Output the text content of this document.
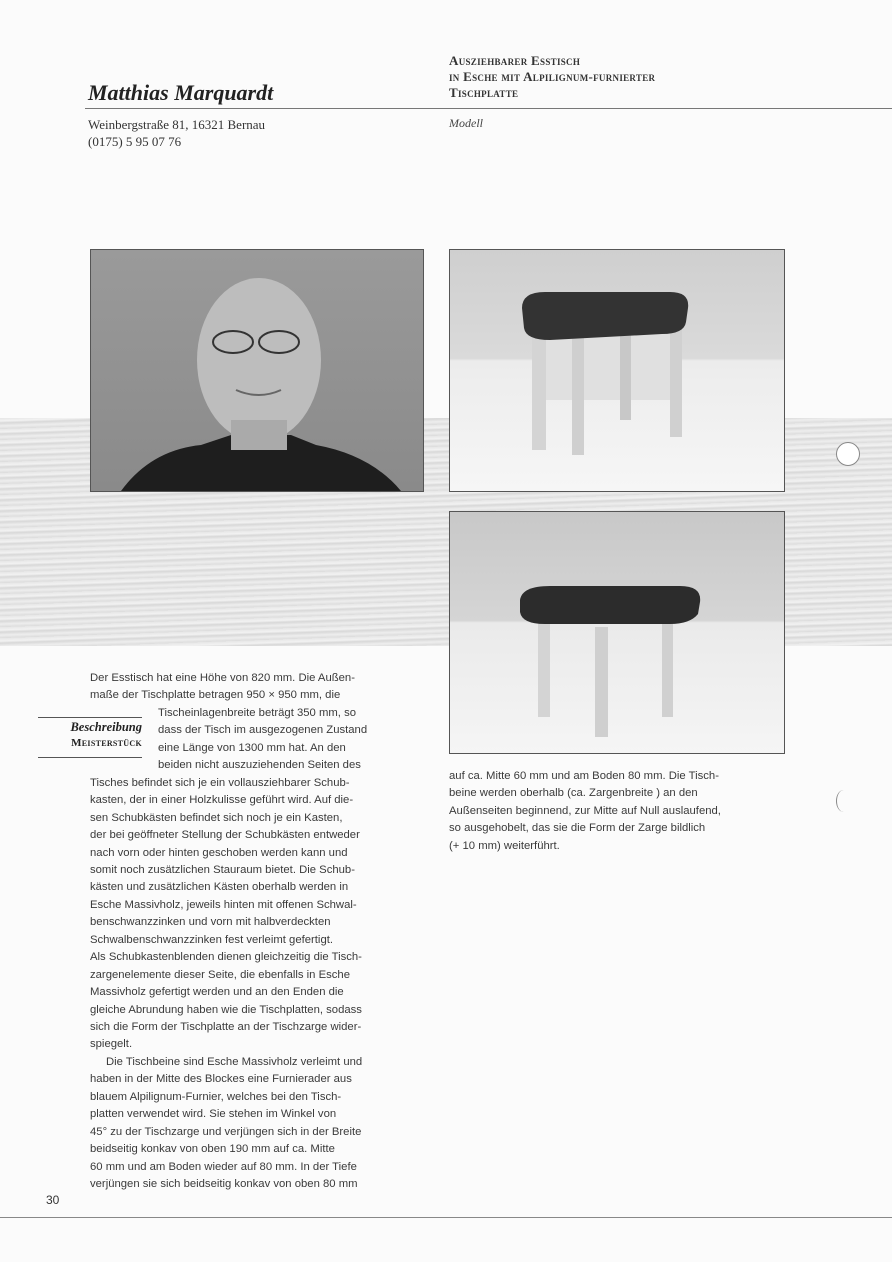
Matthias Marquardt
Ausziehbarer Esstisch
in Esche mit Alpilignum-furnierter
Tischplatte
Weinbergstraße 81, 16321 Bernau
(0175) 5 95 07 76
Modell
Beschreibung
Meisterstück
Der Esstisch hat eine Höhe von 820 mm. Die Außen-
maße der Tischplatte betragen 950 × 950 mm, die
Tischeinlagenbreite beträgt 350 mm, so
dass der Tisch im ausgezogenen Zustand
eine Länge von 1300 mm hat. An den
beiden nicht auszuziehenden Seiten des
Tisches befindet sich je ein vollausziehbarer Schub-
kasten, der in einer Holzkulisse geführt wird. Auf die-
sen Schubkästen befindet sich noch je ein Kasten,
der bei geöffneter Stellung der Schubkästen entweder
nach vorn oder hinten geschoben werden kann und
somit noch zusätzlichen Stauraum bietet. Die Schub-
kästen und zusätzlichen Kästen oberhalb werden in
Esche Massivholz, jeweils hinten mit offenen Schwal-
benschwanzzinken und vorn mit halbverdeckten
Schwalbenschwanzzinken fest verleimt gefertigt.
Als Schubkastenblenden dienen gleichzeitig die Tisch-
zargenelemente dieser Seite, die ebenfalls in Esche
Massivholz gefertigt werden und an den Enden die
gleiche Abrundung haben wie die Tischplatten, sodass
sich die Form der Tischplatte an der Tischzarge wider-
spiegelt.
Die Tischbeine sind Esche Massivholz verleimt und
haben in der Mitte des Blockes eine Furnierader aus
blauem Alpilignum-Furnier, welches bei den Tisch-
platten verwendet wird. Sie stehen im Winkel von
45° zu der Tischzarge und verjüngen sich in der Breite
beidseitig konkav von oben 190 mm auf ca. Mitte
60 mm und am Boden wieder auf 80 mm. In der Tiefe
verjüngen sie sich beidseitig konkav von oben 80 mm
auf ca. Mitte 60 mm und am Boden 80 mm. Die Tisch-
beine werden oberhalb (ca. Zargenbreite ) an den
Außenseiten beginnend, zur Mitte auf Null auslaufend,
so ausgehobelt, das sie die Form der Zarge bildlich
(+ 10 mm) weiterführt.
30
